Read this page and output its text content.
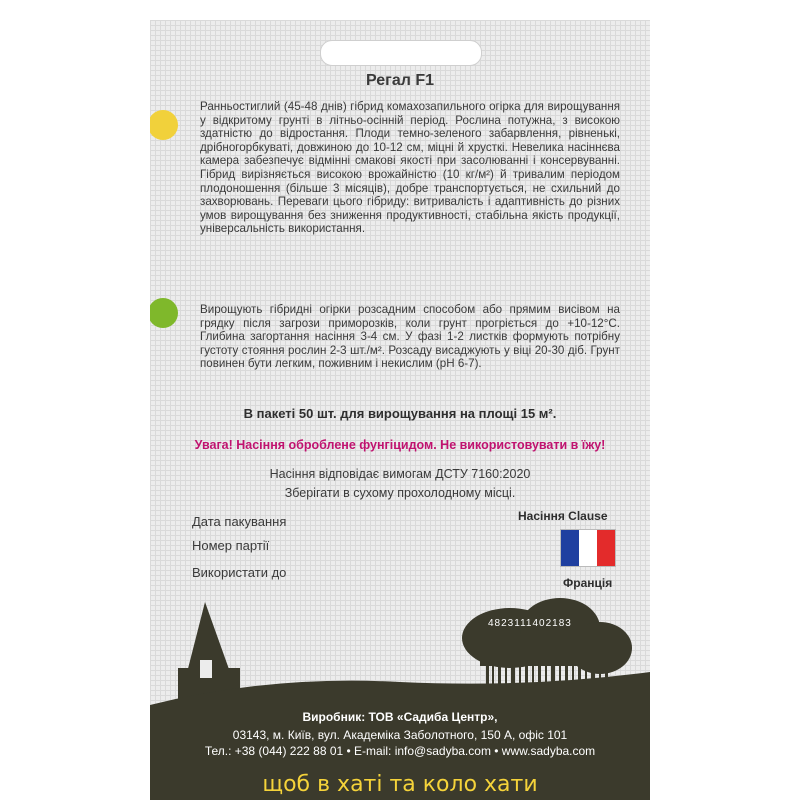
Регал F1

Ранньостиглий (45-48 днів) гібрид комахозапильного огірка для вирощування у відкритому грунті в літньо-осінній період. Рослина потужна, з високою здатністю до відростання. Плоди темно-зеленого забарвлення, рівненькі, дрібногорбкуваті, довжиною до 10-12 см, міцні й хрусткі. Невелика насіннєва камера забезпечує відмінні смакові якості при засолюванні і консервуванні. Гібрид вирізняється високою врожайністю (10 кг/м²) й тривалим періодом плодоношення (більше 3 місяців), добре транспортується, не схильний до захворювань. Переваги цього гібриду: витривалість і адаптивність до різних умов вирощування без зниження продуктивності, стабільна якість продукції, універсальність використання.

Вирощують гібридні огірки розсадним способом або прямим висівом на грядку після загрози приморозків, коли грунт прогріється до +10-12°С. Глибина загортання насіння 3-4 см. У фазі 1-2 листків формують потрібну густоту стояння рослин 2-3 шт./м². Розсаду висаджують у віці 20-30 діб. Грунт повинен бути легким, поживним і некислим (рН 6-7).

В пакеті 50 шт. для вирощування на площі 15 м².
Увага! Насіння оброблене фунгіцидом. Не використовувати в їжу!
Насіння відповідає вимогам ДСТУ 7160:2020
Зберігати в сухому прохолодному місці.
Дата пакування
Номер партії
Використати до
Насіння Clause
Франція
4823111402183
Виробник: ТОВ «Садиба Центр»,
03143, м. Київ, вул. Академіка Заболотного, 150 А, офіс 101
Тел.: +38 (044) 222 88 01 • E-mail: info@sadyba.com • www.sadyba.com
щоб в хаті та коло хати
